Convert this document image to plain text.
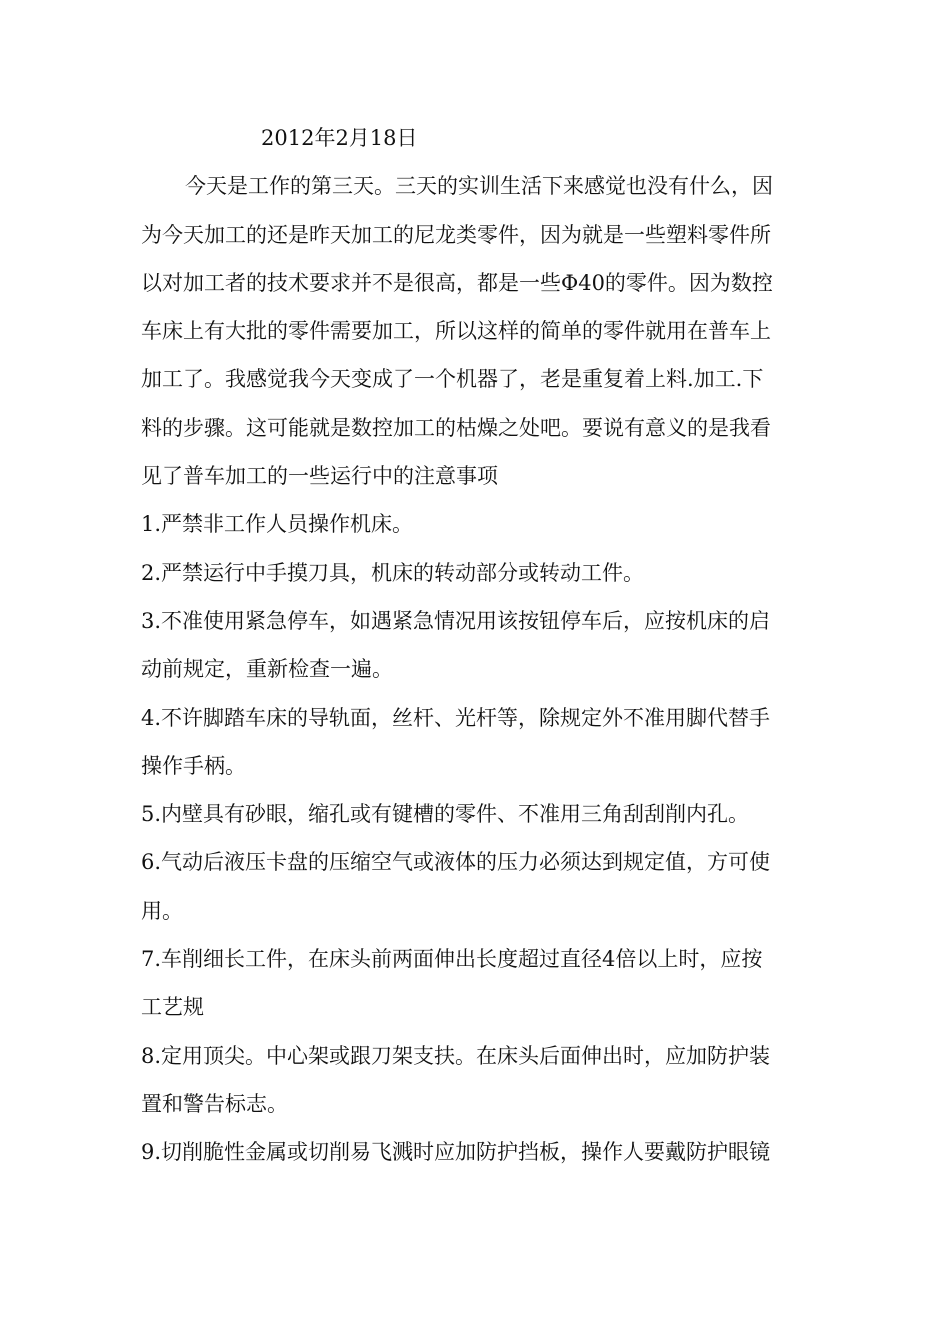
2012年2月18日
今天是工作的第三天。三天的实训生活下来感觉也没有什么，因
为今天加工的还是昨天加工的尼龙类零件，因为就是一些塑料零件所
以对加工者的技术要求并不是很高，都是一些Φ40的零件。因为数控
车床上有大批的零件需要加工，所以这样的简单的零件就用在普车上
加工了。我感觉我今天变成了一个机器了，老是重复着上料.加工.下
料的步骤。这可能就是数控加工的枯燥之处吧。要说有意义的是我看
见了普车加工的一些运行中的注意事项
1.严禁非工作人员操作机床。
2.严禁运行中手摸刀具，机床的转动部分或转动工件。
3.不准使用紧急停车，如遇紧急情况用该按钮停车后，应按机床的启
动前规定，重新检查一遍。
4.不许脚踏车床的导轨面，丝杆、光杆等，除规定外不准用脚代替手
操作手柄。
5.内壁具有砂眼，缩孔或有键槽的零件、不准用三角刮刮削内孔。
6.气动后液压卡盘的压缩空气或液体的压力必须达到规定值，方可使
用。
7.车削细长工件，在床头前两面伸出长度超过直径4倍以上时，应按
工艺规
8.定用顶尖。中心架或跟刀架支扶。在床头后面伸出时，应加防护装
置和警告标志。
9.切削脆性金属或切削易飞溅时应加防护挡板，操作人要戴防护眼镜
